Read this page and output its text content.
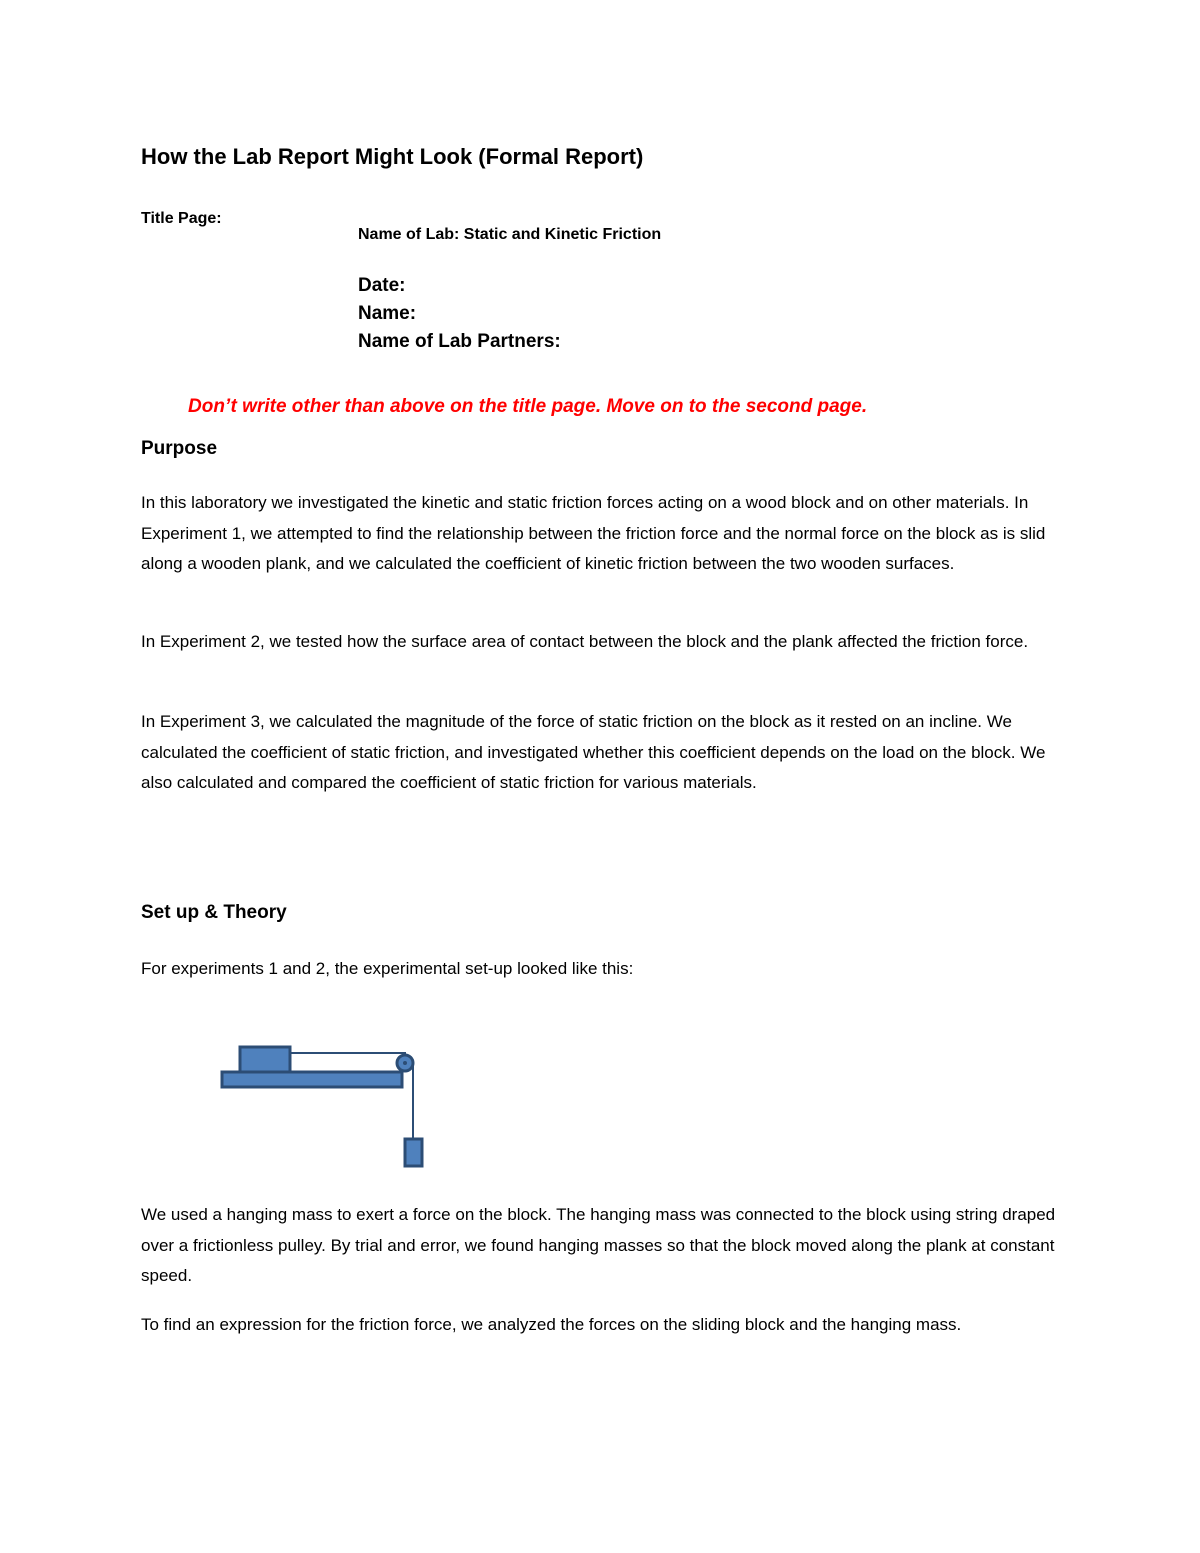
How the Lab Report Might Look (Formal Report)
Title Page:
Name of Lab: Static and Kinetic Friction
Date:
Name:
Name of Lab Partners:
Don’t write other than above on the title page. Move on to the second page.
Purpose

In this laboratory we investigated the kinetic and static friction forces acting on a wood block and on other materials. In Experiment 1, we attempted to find the relationship between the friction force and the normal force on the block as is slid along a wooden plank, and we calculated the coefficient of kinetic friction between the two wooden surfaces.

In Experiment 2, we tested how the surface area of contact between the block and the plank affected the friction force.

In Experiment 3, we calculated the magnitude of the force of static friction on the block as it rested on an incline. We calculated the coefficient of static friction, and investigated whether this coefficient depends on the load on the block. We also calculated and compared the coefficient of static friction for various materials.

Set up & Theory

For experiments 1 and 2, the experimental set-up looked like this:

We used a hanging mass to exert a force on the block. The hanging mass was connected to the block using string draped over a frictionless pulley. By trial and error, we found hanging masses so that the block moved along the plank at constant speed.

To find an expression for the friction force, we analyzed the forces on the sliding block and the hanging mass.
